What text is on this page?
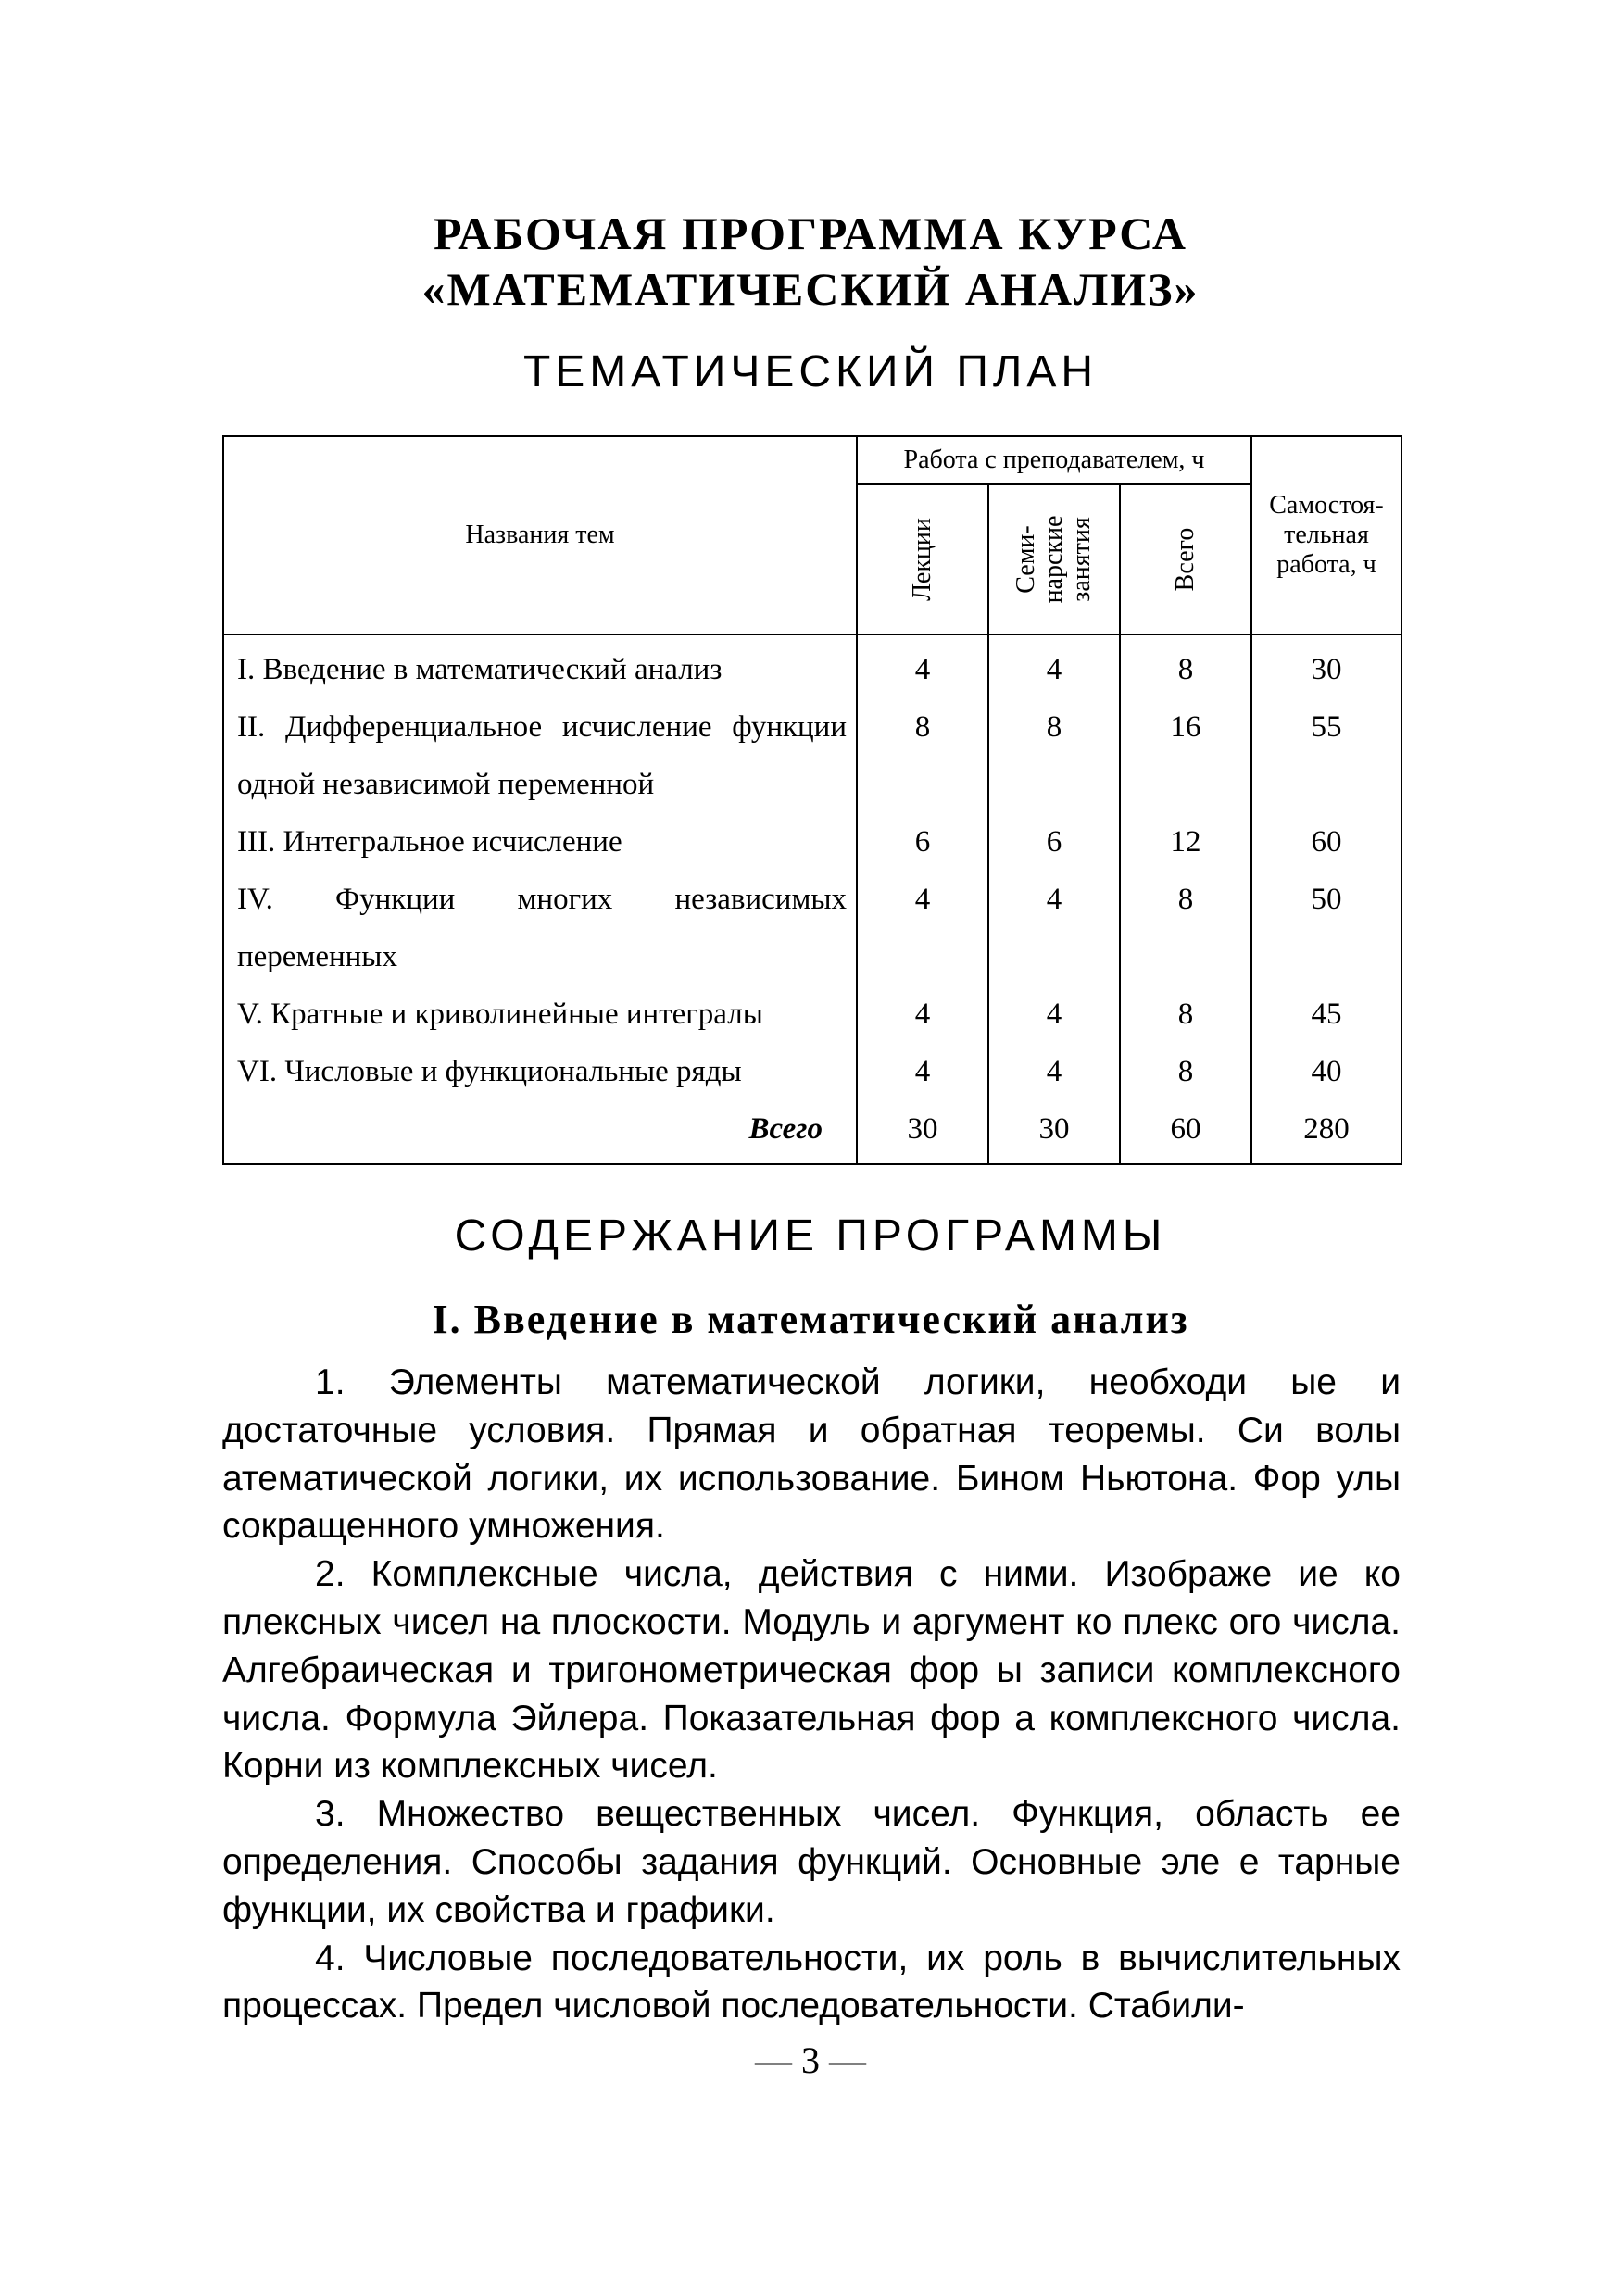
РАБОЧАЯ ПРОГРАММА КУРСА
«МАТЕМАТИЧЕСКИЙ АНАЛИЗ»
ТЕМАТИЧЕСКИЙ ПЛАН
Названия тем	Работа с преподавателем, ч			Самостоя-
тельная
работа, ч

	Лекции	Семи- нарские занятия	Всего	

I. Введение в математический анализ	4	4	8	30
II. Дифференциальное исчисление функции одной независимой переменной	8	8	16	55
III. Интегральное исчисление	6	6	12	60
IV. Функции многих независимых переменных	4	4	8	50
V. Кратные и криволинейные интегралы	4	4	8	45
VI. Числовые и функциональные ряды	4	4	8	40
Всего	30	30	60	280
СОДЕРЖАНИЕ ПРОГРАММЫ
I. Введение в математический анализ

1. Элементы математической логики, необходи ые и достаточные условия. Прямая и обратная теоремы. Си волы атематической логики, их использование. Бином Ньютона. Фор улы сокращенного умножения.

2. Комплексные числа, действия с ними. Изображе ие ко плексных чисел на плоскости. Модуль и аргумент ко плекс ого числа. Алгебраическая и тригонометрическая фор ы записи комплексного числа. Формула Эйлера. Показательная фор а комплексного числа. Корни из комплексных чисел.

3. Множество вещественных чисел. Функция, область ее определения. Способы задания функций. Основные эле е тарные функции, их свойства и графики.

4. Числовые последовательности, их роль в вычислительных процессах. Предел числовой последовательности. Стабили-

— 3 —
